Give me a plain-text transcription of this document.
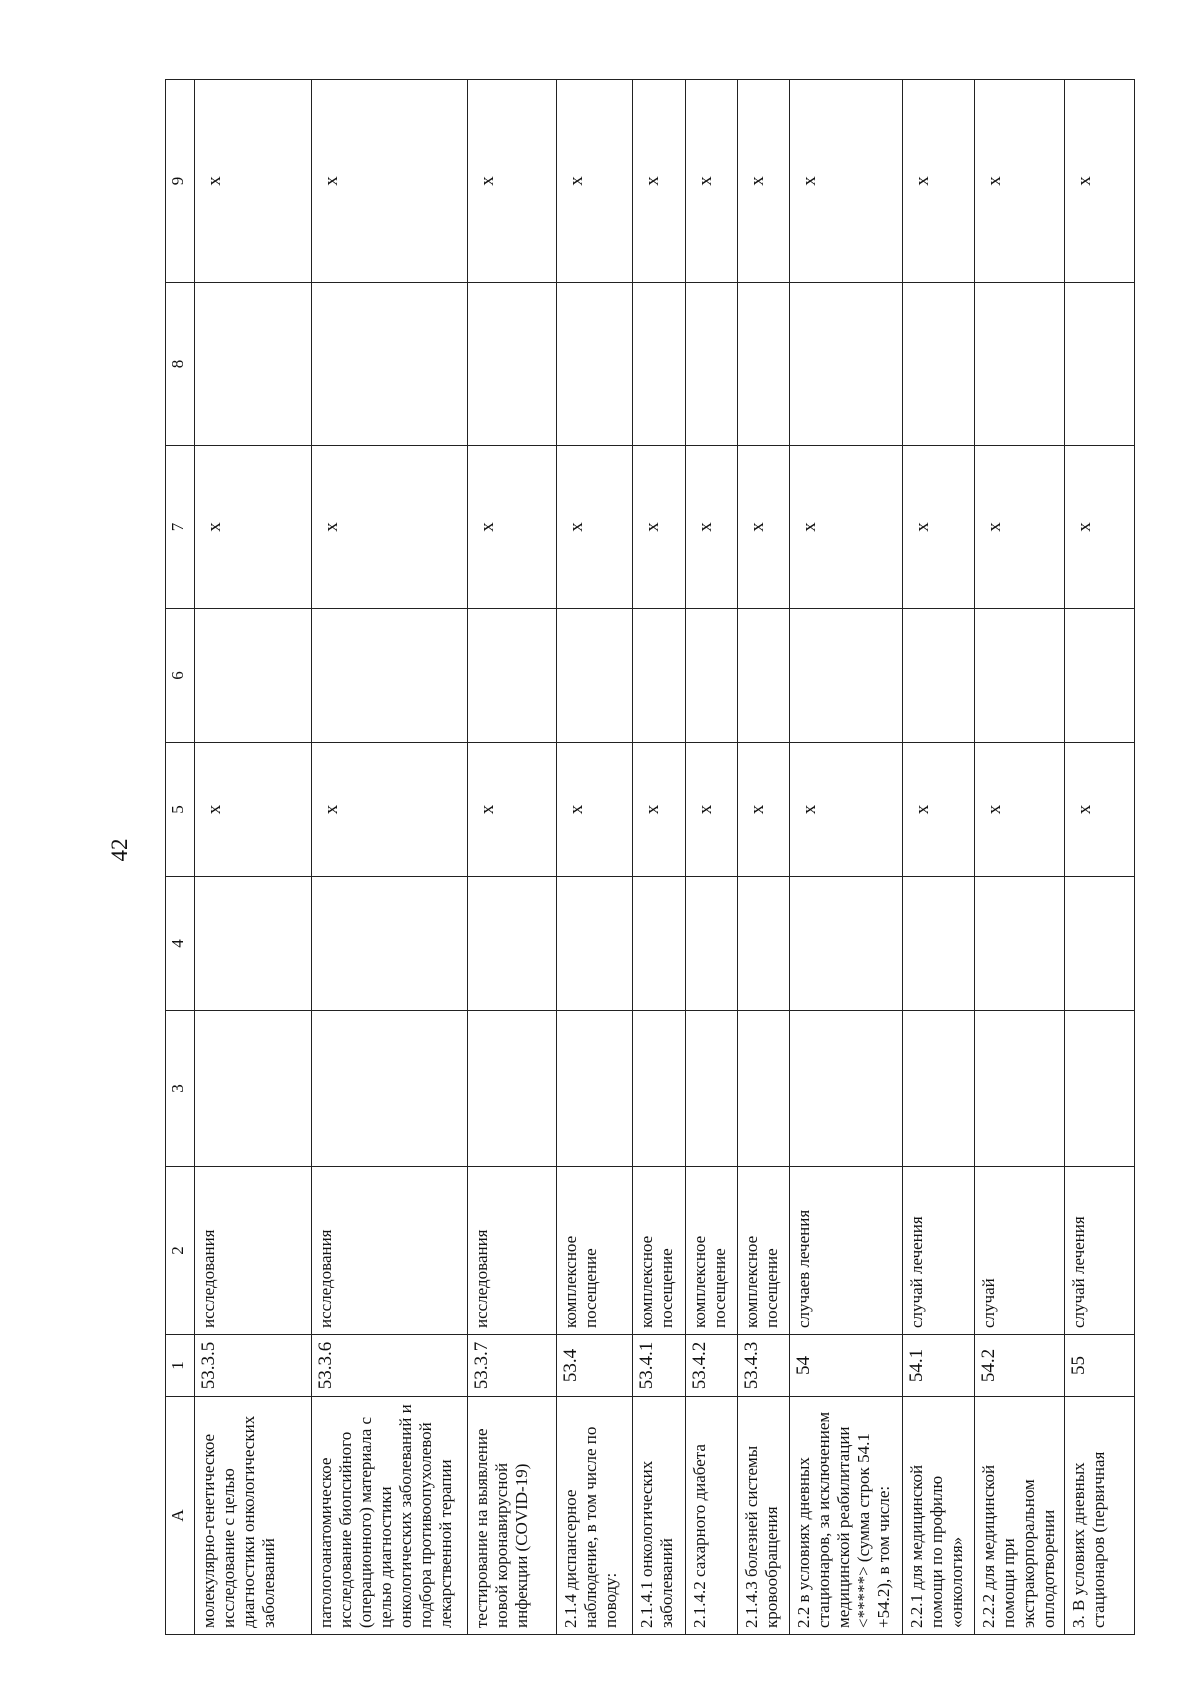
42
A	1	2	3	4	5	6	7	8	9
молекулярно-генетическое исследование с целью диагностики онкологических заболеваний	53.3.5	исследования			х		х		х
патологоанатомическое исследование биопсийного (операционного) материала с целью диагностики онкологических заболеваний и подбора противоопухолевой лекарственной терапии	53.3.6	исследования			х		х		х
тестирование на выявление новой коронавирусной инфекции (COVID-19)	53.3.7	исследования			х		х		х
2.1.4 диспансерное наблюдение, в том числе по поводу:	53.4	комплексное посещение			х		х		х
2.1.4.1 онкологических заболеваний	53.4.1	комплексное посещение			х		х		х
2.1.4.2 сахарного диабета	53.4.2	комплексное посещение			х		х		х
2.1.4.3 болезней системы кровообращения	53.4.3	комплексное посещение			х		х		х
2.2 в условиях дневных стационаров, за исключением медицинской реабилитации <*****> (сумма строк 54.1 +54.2), в том числе:	54	случаев лечения			х		х		х
2.2.1 для медицинской помощи по профилю «онкология»	54.1	случай лечения			х		х		х
2.2.2 для медицинской помощи при экстракорпоральном оплодотворении	54.2	случай			х		х		х
3. В условиях дневных стационаров (первичная	55	случай лечения			х		х		х
